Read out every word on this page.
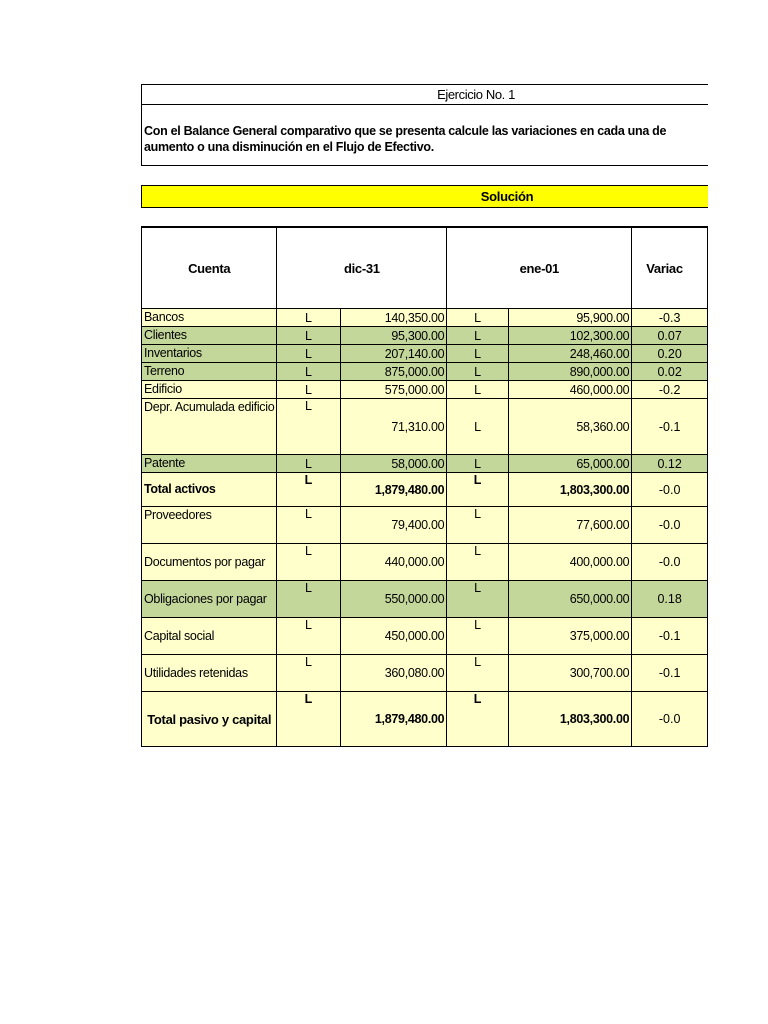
Ejercicio No. 1
Con el Balance General comparativo que se presenta calcule las variaciones en cada una de
aumento o una disminución en el Flujo de Efectivo.
Solución
Cuenta	dic-31		ene-01		Variac
Bancos	L	140,350.00	L	95,900.00	-0.3
Clientes	L	95,300.00	L	102,300.00	0.07
Inventarios	L	207,140.00	L	248,460.00	0.20
Terreno	L	875,000.00	L	890,000.00	0.02
Edificio	L	575,000.00	L	460,000.00	-0.2
Depr. Acumulada edificio	L	71,310.00	L	58,360.00	-0.1
Patente	L	58,000.00	L	65,000.00	0.12
Total activos	L	1,879,480.00	L	1,803,300.00	-0.0
Proveedores	L	79,400.00	L	77,600.00	-0.0
Documentos por pagar	L	440,000.00	L	400,000.00	-0.0
Obligaciones por pagar	L	550,000.00	L	650,000.00	0.18
Capital social	L	450,000.00	L	375,000.00	-0.1
Utilidades retenidas	L	360,080.00	L	300,700.00	-0.1
Total pasivo y capital	L	1,879,480.00	L	1,803,300.00	-0.0
